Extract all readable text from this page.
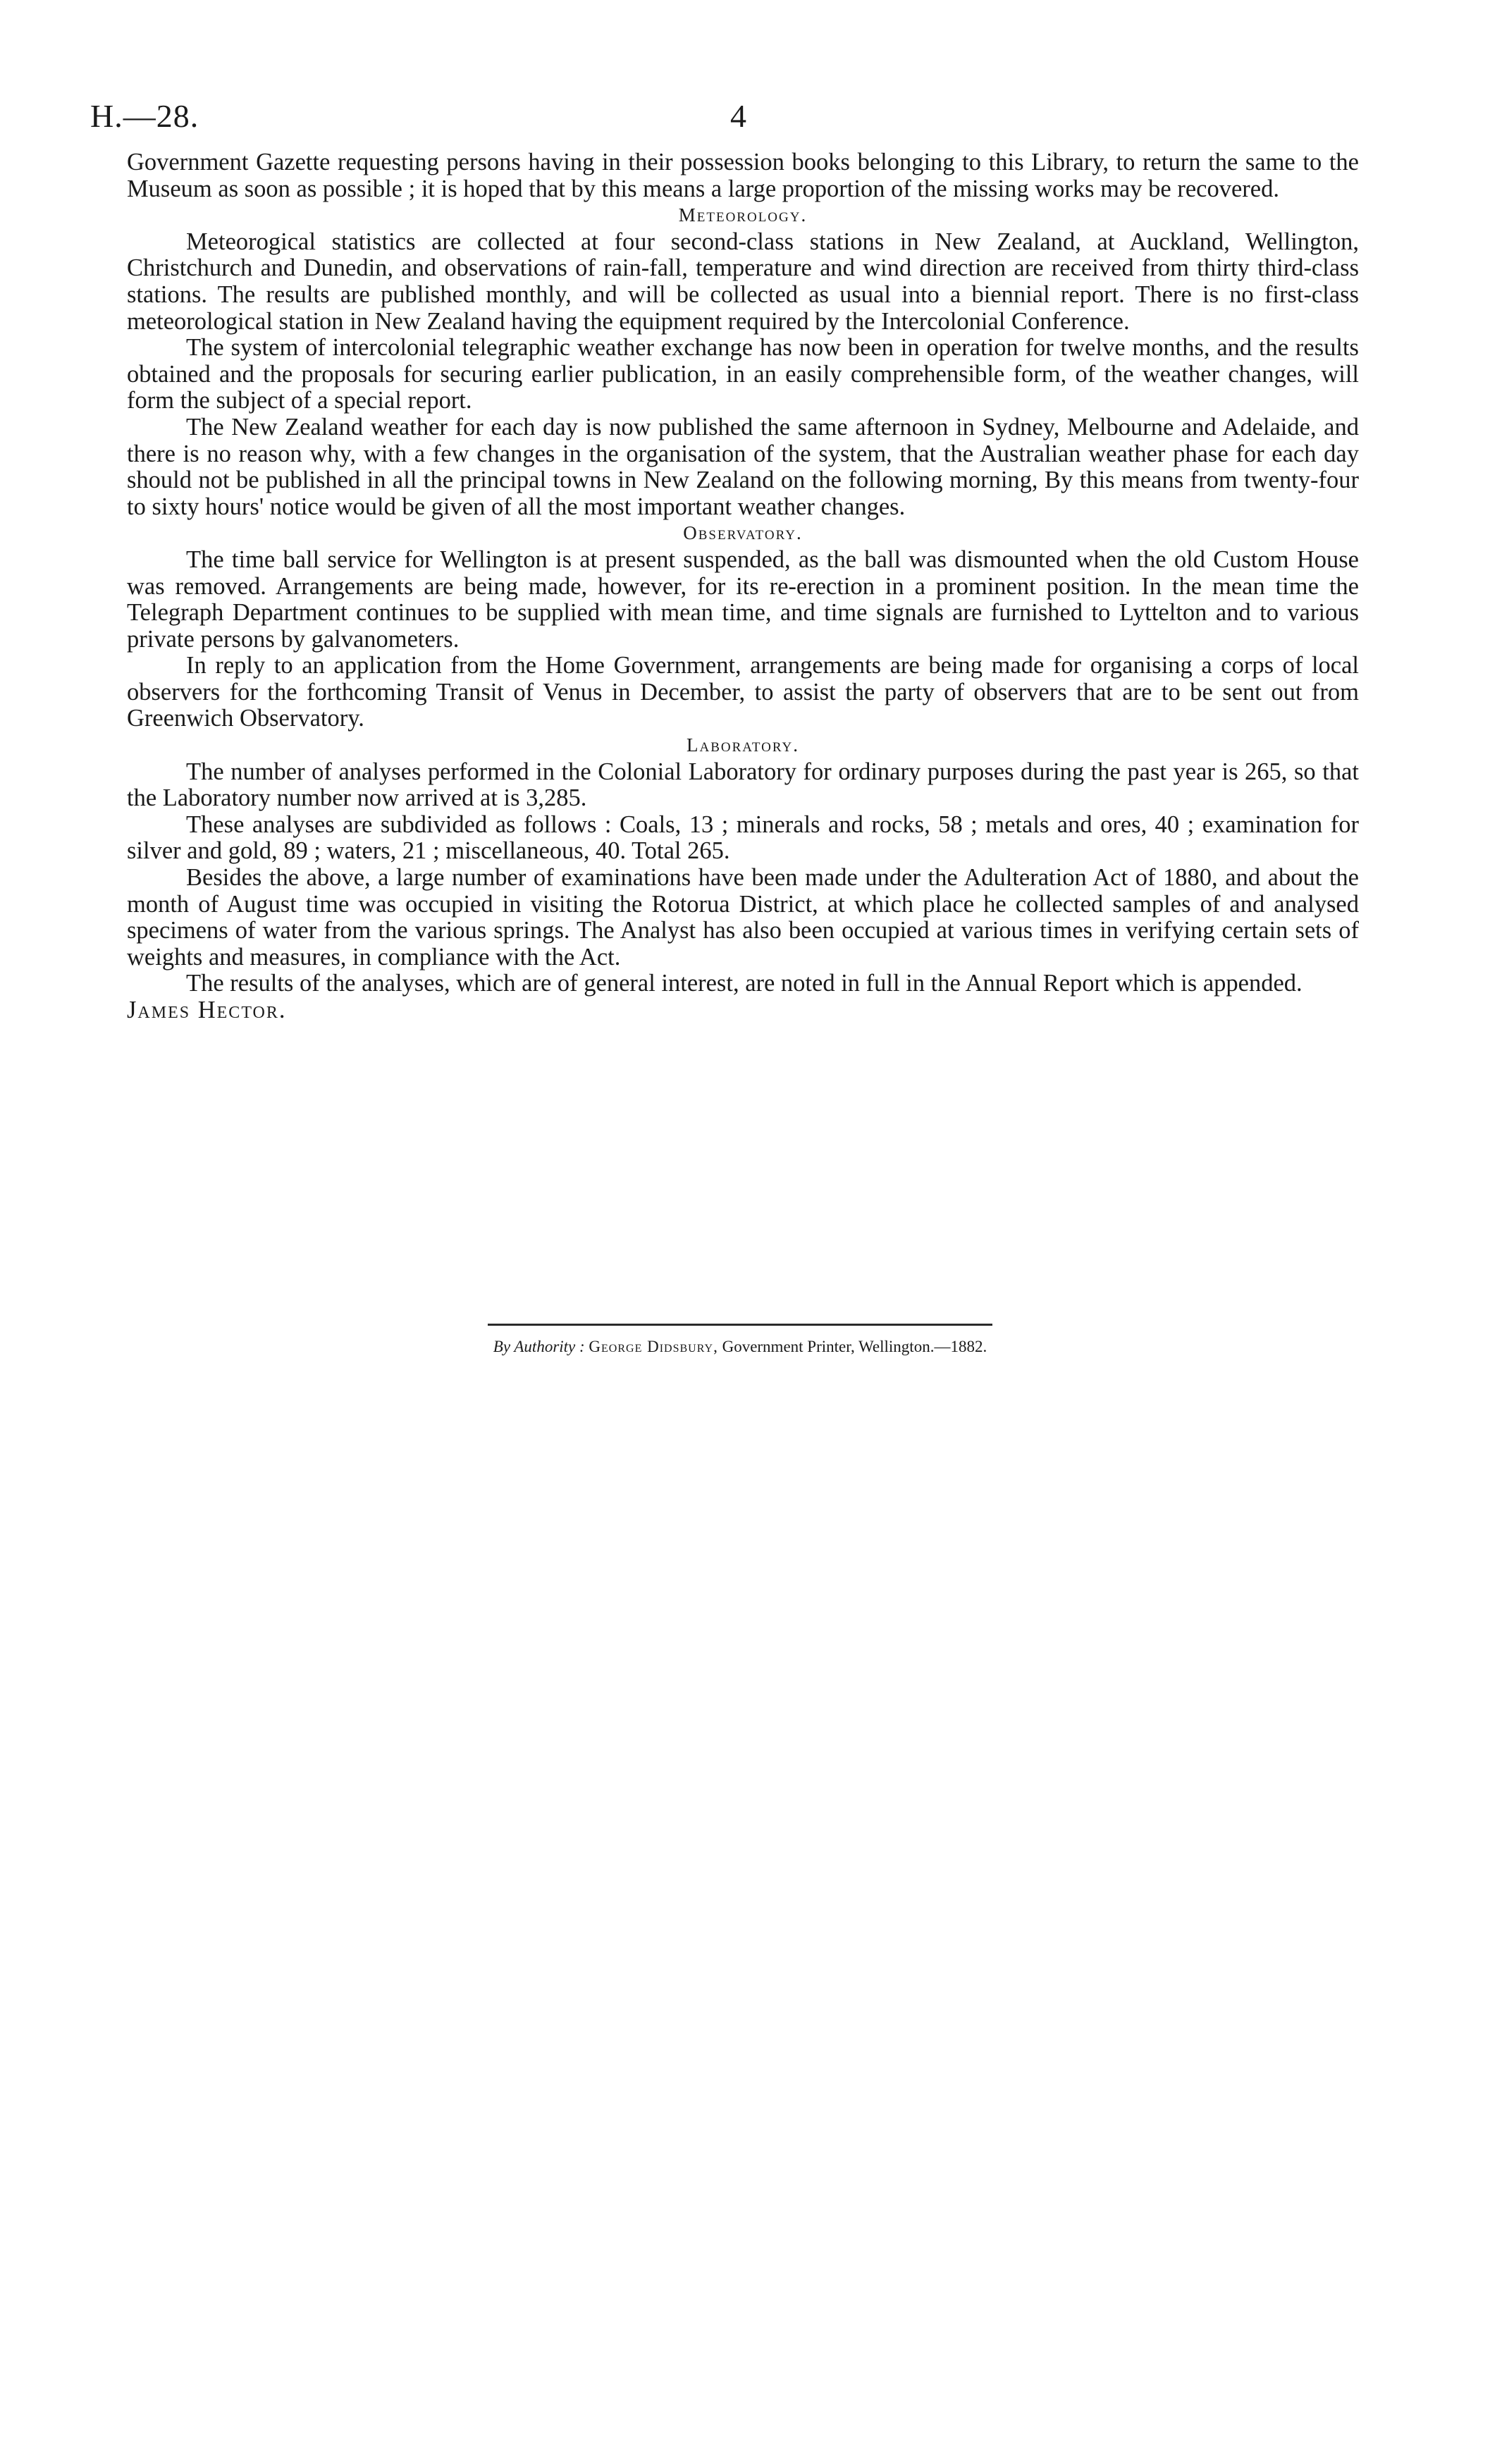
H.—28.	4

Government Gazette requesting persons having in their possession books belonging to this Library, to return the same to the Museum as soon as possible ; it is hoped that by this means a large proportion of the missing works may be recovered.

Meteorology.

Meteorogical statistics are collected at four second-class stations in New Zealand, at Auckland, Wellington, Christchurch and Dunedin, and observations of rain-fall, temperature and wind direction are received from thirty third-class stations. The results are published monthly, and will be collected as usual into a biennial report. There is no first-class meteorological station in New Zealand having the equipment required by the Intercolonial Conference.

The system of intercolonial telegraphic weather exchange has now been in operation for twelve months, and the results obtained and the proposals for securing earlier publication, in an easily comprehensible form, of the weather changes, will form the subject of a special report.

The New Zealand weather for each day is now published the same afternoon in Sydney, Melbourne and Adelaide, and there is no reason why, with a few changes in the organisation of the system, that the Australian weather phase for each day should not be published in all the principal towns in New Zealand on the following morning, By this means from twenty-four to sixty hours' notice would be given of all the most important weather changes.

Observatory.

The time ball service for Wellington is at present suspended, as the ball was dismounted when the old Custom House was removed. Arrangements are being made, however, for its re-erection in a prominent position. In the mean time the Telegraph Department continues to be supplied with mean time, and time signals are furnished to Lyttelton and to various private persons by galvanometers.

In reply to an application from the Home Government, arrangements are being made for organising a corps of local observers for the forthcoming Transit of Venus in December, to assist the party of observers that are to be sent out from Greenwich Observatory.

Laboratory.

The number of analyses performed in the Colonial Laboratory for ordinary purposes during the past year is 265, so that the Laboratory number now arrived at is 3,285.

These analyses are subdivided as follows : Coals, 13 ; minerals and rocks, 58 ; metals and ores, 40 ; examination for silver and gold, 89 ; waters, 21 ; miscellaneous, 40. Total 265.

Besides the above, a large number of examinations have been made under the Adulteration Act of 1880, and about the month of August time was occupied in visiting the Rotorua District, at which place he collected samples of and analysed specimens of water from the various springs. The Analyst has also been occupied at various times in verifying certain sets of weights and measures, in compliance with the Act.

The results of the analyses, which are of general interest, are noted in full in the Annual Report which is appended.

James Hector.

By Authority : George Didsbury, Government Printer, Wellington.—1882.
